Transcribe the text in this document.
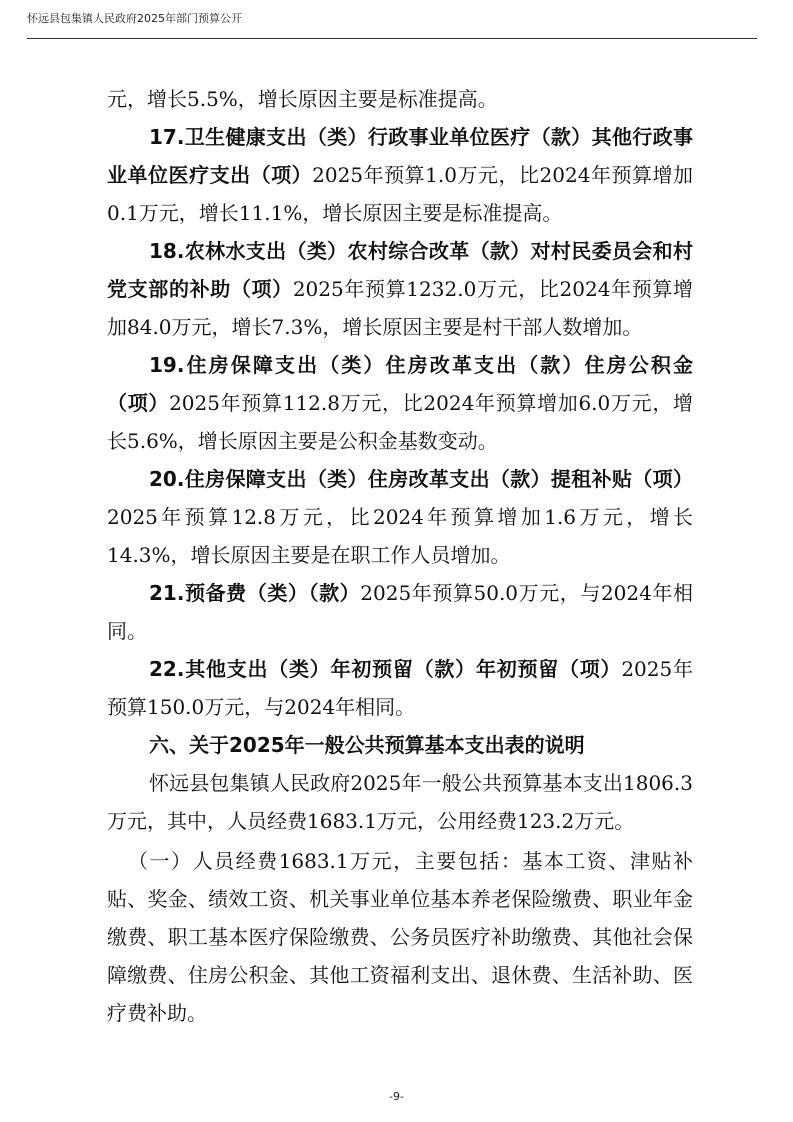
怀远县包集镇人民政府2025年部门预算公开

元，增长5.5%，增长原因主要是标准提高。

17.卫生健康支出（类）行政事业单位医疗（款）其他行政事业单位医疗支出（项）2025年预算1.0万元，比2024年预算增加0.1万元，增长11.1%，增长原因主要是标准提高。

18.农林水支出（类）农村综合改革（款）对村民委员会和村党支部的补助（项）2025年预算1232.0万元，比2024年预算增加84.0万元，增长7.3%，增长原因主要是村干部人数增加。

19.住房保障支出（类）住房改革支出（款）住房公积金（项）2025年预算112.8万元，比2024年预算增加6.0万元，增长5.6%，增长原因主要是公积金基数变动。

20.住房保障支出（类）住房改革支出（款）提租补贴（项）2025年预算12.8万元，比2024年预算增加1.6万元，增长14.3%，增长原因主要是在职工作人员增加。

21.预备费（类）（款）2025年预算50.0万元，与2024年相同。

22.其他支出（类）年初预留（款）年初预留（项）2025年预算150.0万元，与2024年相同。

六、关于2025年一般公共预算基本支出表的说明

怀远县包集镇人民政府2025年一般公共预算基本支出1806.3万元，其中，人员经费1683.1万元，公用经费123.2万元。

（一）人员经费1683.1万元，主要包括：基本工资、津贴补贴、奖金、绩效工资、机关事业单位基本养老保险缴费、职业年金缴费、职工基本医疗保险缴费、公务员医疗补助缴费、其他社会保障缴费、住房公积金、其他工资福利支出、退休费、生活补助、医疗费补助。

-9-
